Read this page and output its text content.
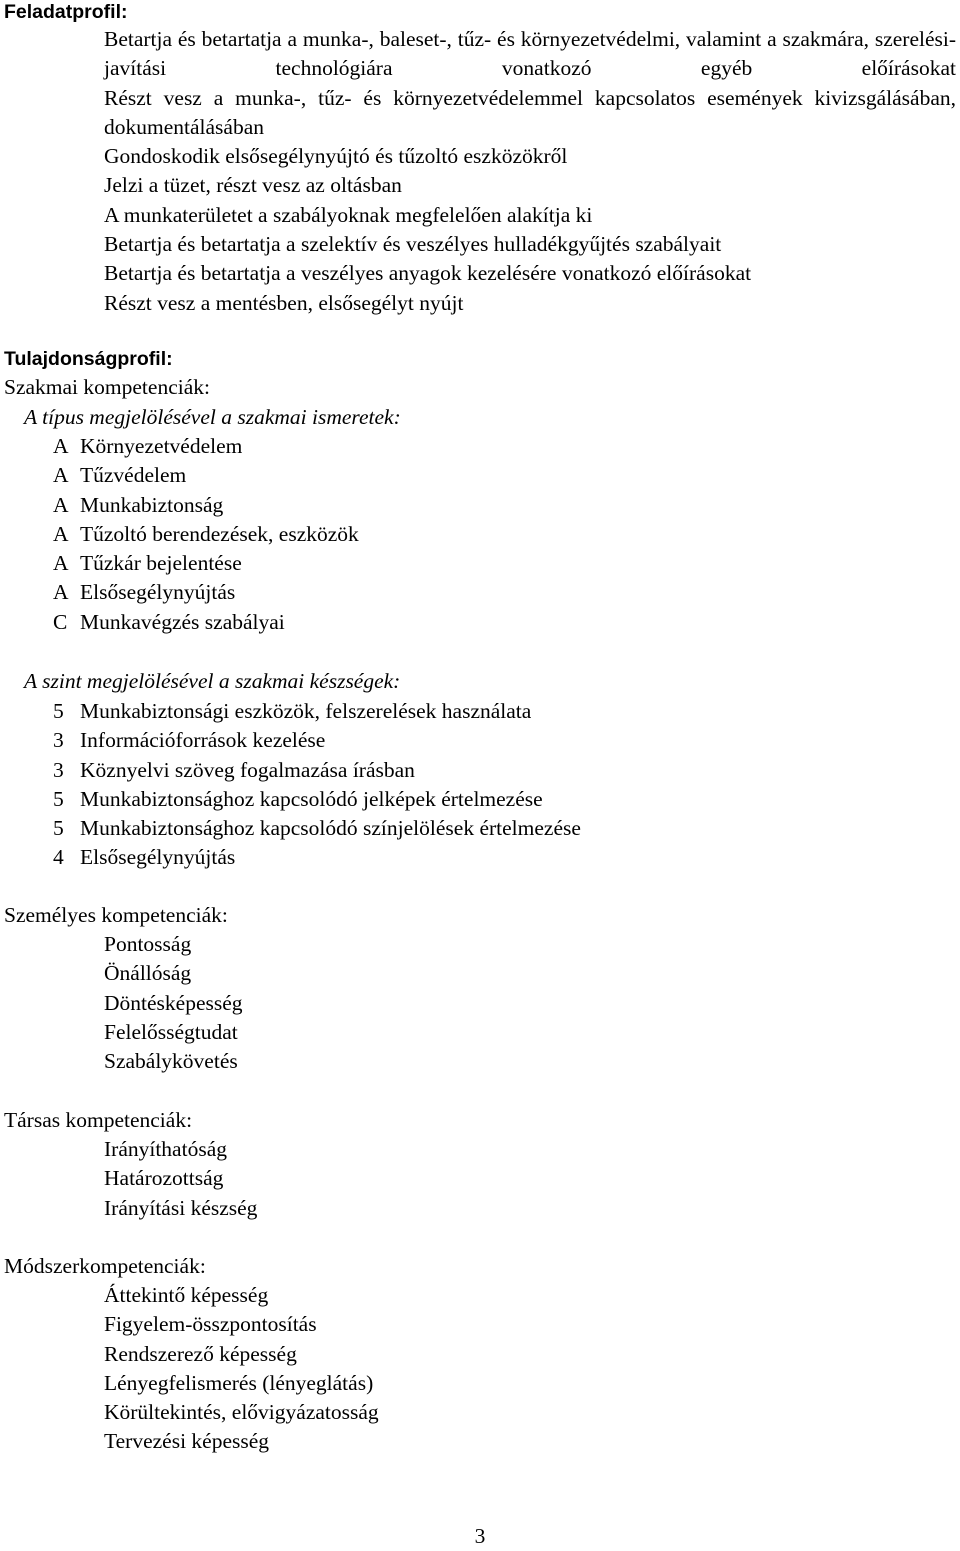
Feladatprofil:
Betartja és betartatja a munka-, baleset-, tűz- és környezetvédelmi, valamint a szakmára, szerelési-javítási technológiára vonatkozó egyéb előírásokat
Részt vesz a munka-, tűz- és környezetvédelemmel kapcsolatos események kivizsgálásában, dokumentálásában
Gondoskodik elsősegélynyújtó és tűzoltó eszközökről
Jelzi a tüzet, részt vesz az oltásban
A munkaterületet a szabályoknak megfelelően alakítja ki
Betartja és betartatja a szelektív és veszélyes hulladékgyűjtés szabályait
Betartja és betartatja a veszélyes anyagok kezelésére vonatkozó előírásokat
Részt vesz a mentésben, elsősegélyt nyújt
Tulajdonságprofil:
Szakmai kompetenciák:
A típus megjelölésével a szakmai ismeretek:
A Környezetvédelem
A Tűzvédelem
A Munkabiztonság
A Tűzoltó berendezések, eszközök
A Tűzkár bejelentése
A Elsősegélynyújtás
C Munkavégzés szabályai
A szint megjelölésével a szakmai készségek:
5 Munkabiztonsági eszközök, felszerelések használata
3 Információforrások kezelése
3 Köznyelvi szöveg fogalmazása írásban
5 Munkabiztonsághoz kapcsolódó jelképek értelmezése
5 Munkabiztonsághoz kapcsolódó színjelölések értelmezése
4 Elsősegélynyújtás
Személyes kompetenciák:
Pontosság
Önállóság
Döntésképesség
Felelősségtudat
Szabálykövetés
Társas kompetenciák:
Irányíthatóság
Határozottság
Irányítási készség
Módszerkompetenciák:
Áttekintő képesség
Figyelem-összpontosítás
Rendszerező képesség
Lényegfelismerés (lényeglátás)
Körültekintés, elővigyázatosság
Tervezési képesség
3
